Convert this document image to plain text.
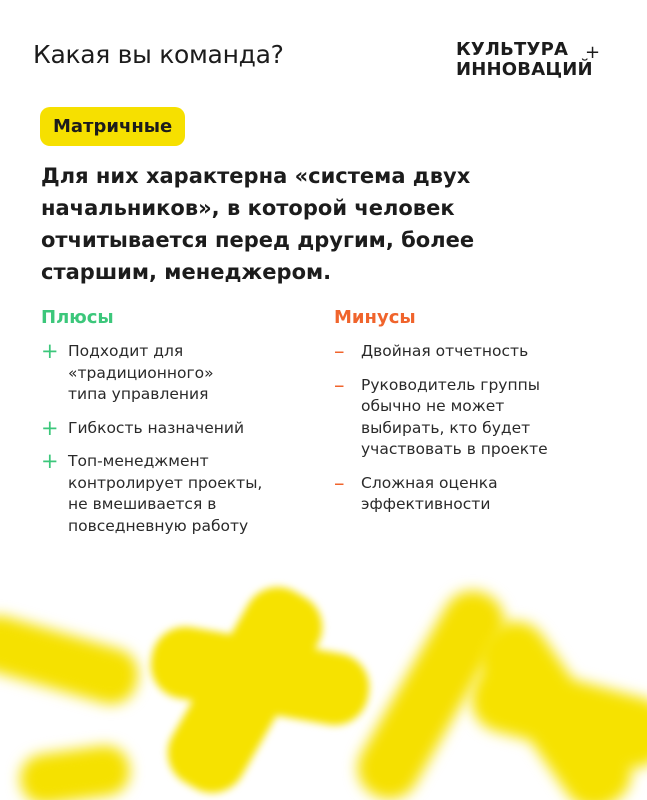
Какая вы команда?	КУЛЬТУРА
ИННОВАЦИЙ
+
Матричные
Для них характерна «система двух начальников», в которой человек отчитывается перед другим, более старшим, менеджером.
Плюсы
+ Подходит для
«традиционного»
типа управления
+ Гибкость назначений
+ Топ-менеджмент
контролирует проекты,
не вмешивается в
повседневную работу
Минусы
– Двойная отчетность
– Руководитель группы
обычно не может
выбирать, кто будет
участвовать в проекте
– Сложная оценка
эффективности
